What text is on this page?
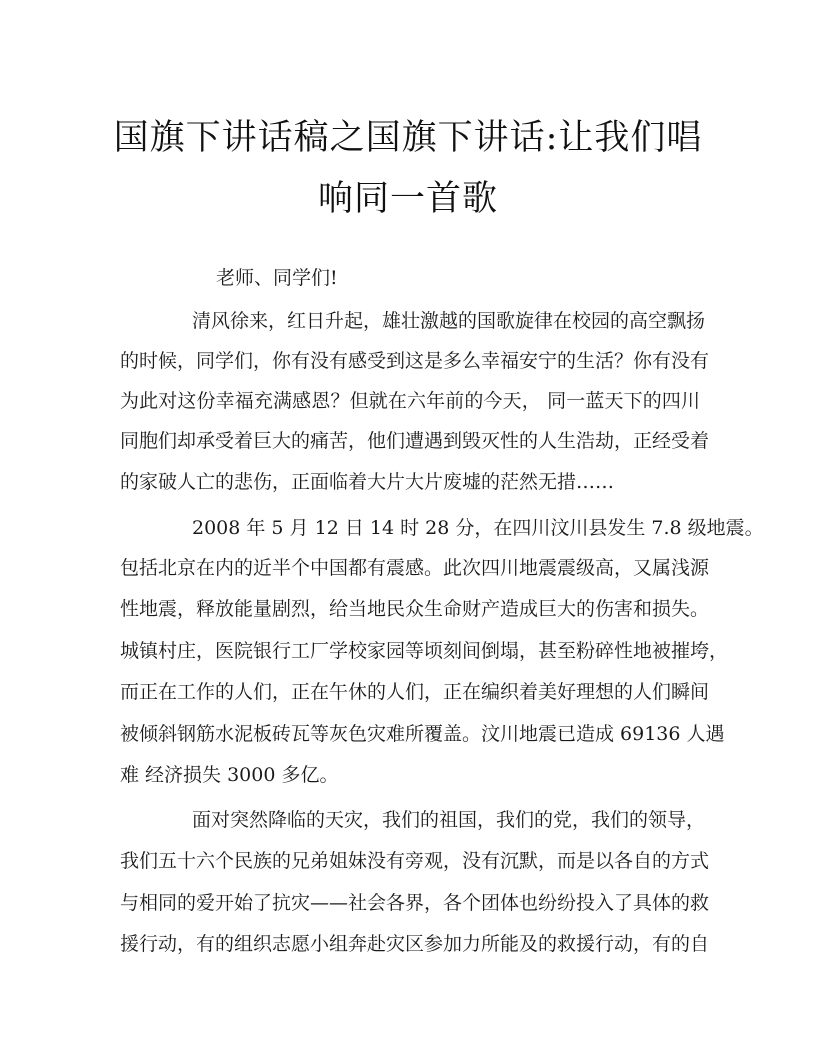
国旗下讲话稿之国旗下讲话:让我们唱
响同一首歌
老师、同学们!
清风徐来，红日升起，雄壮激越的国歌旋律在校园的高空飘扬
的时候，同学们，你有没有感受到这是多么幸福安宁的生活？你有没有
为此对这份幸福充满感恩？但就在六年前的今天， 同一蓝天下的四川
同胞们却承受着巨大的痛苦，他们遭遇到毁灭性的人生浩劫，正经受着
的家破人亡的悲伤，正面临着大片大片废墟的茫然无措……
2008 年 5 月 12 日 14 时 28 分，在四川汶川县发生 7.8 级地震。
包括北京在内的近半个中国都有震感。此次四川地震震级高，又属浅源
性地震，释放能量剧烈，给当地民众生命财产造成巨大的伤害和损失。
城镇村庄，医院银行工厂学校家园等顷刻间倒塌，甚至粉碎性地被摧垮，
而正在工作的人们，正在午休的人们，正在编织着美好理想的人们瞬间
被倾斜钢筋水泥板砖瓦等灰色灾难所覆盖。汶川地震已造成 69136 人遇
难 经济损失 3000 多亿。
面对突然降临的天灾，我们的祖国，我们的党，我们的领导，
我们五十六个民族的兄弟姐妹没有旁观，没有沉默，而是以各自的方式
与相同的爱开始了抗灾——社会各界，各个团体也纷纷投入了具体的救
援行动，有的组织志愿小组奔赴灾区参加力所能及的救援行动，有的自
